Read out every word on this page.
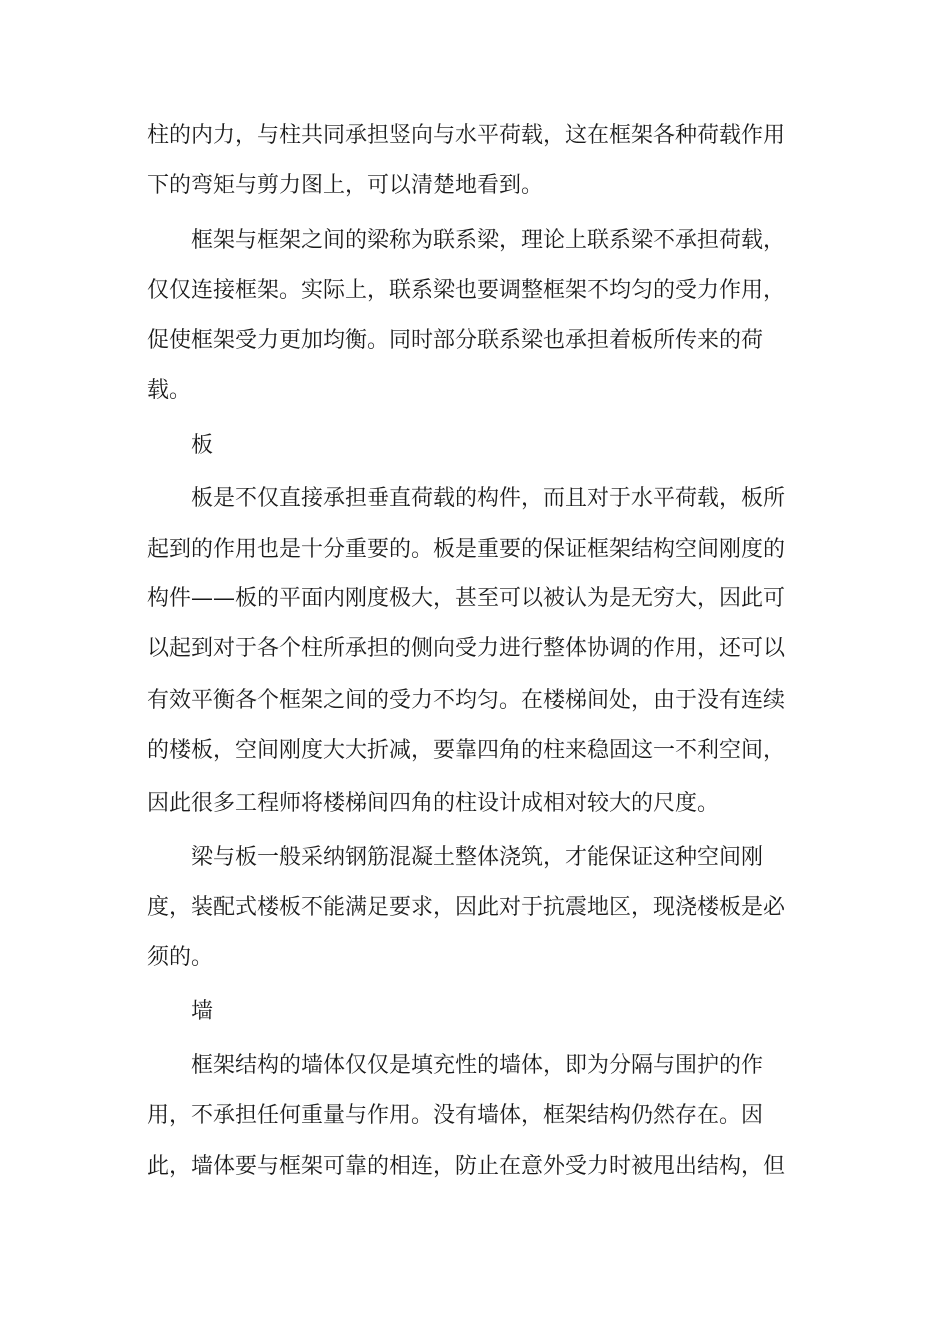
柱的内力，与柱共同承担竖向与水平荷载，这在框架各种荷载作用

下的弯矩与剪力图上，可以清楚地看到。

框架与框架之间的梁称为联系梁，理论上联系梁不承担荷载，

仅仅连接框架。实际上，联系梁也要调整框架不均匀的受力作用，

促使框架受力更加均衡。同时部分联系梁也承担着板所传来的荷

载。

板

板是不仅直接承担垂直荷载的构件，而且对于水平荷载，板所

起到的作用也是十分重要的。板是重要的保证框架结构空间刚度的

构件——板的平面内刚度极大，甚至可以被认为是无穷大，因此可

以起到对于各个柱所承担的侧向受力进行整体协调的作用，还可以

有效平衡各个框架之间的受力不均匀。在楼梯间处，由于没有连续

的楼板，空间刚度大大折减，要靠四角的柱来稳固这一不利空间，

因此很多工程师将楼梯间四角的柱设计成相对较大的尺度。

梁与板一般采纳钢筋混凝土整体浇筑，才能保证这种空间刚

度，装配式楼板不能满足要求，因此对于抗震地区，现浇楼板是必

须的。

墙

框架结构的墙体仅仅是填充性的墙体，即为分隔与围护的作

用，不承担任何重量与作用。没有墙体，框架结构仍然存在。因

此，墙体要与框架可靠的相连，防止在意外受力时被甩出结构，但
